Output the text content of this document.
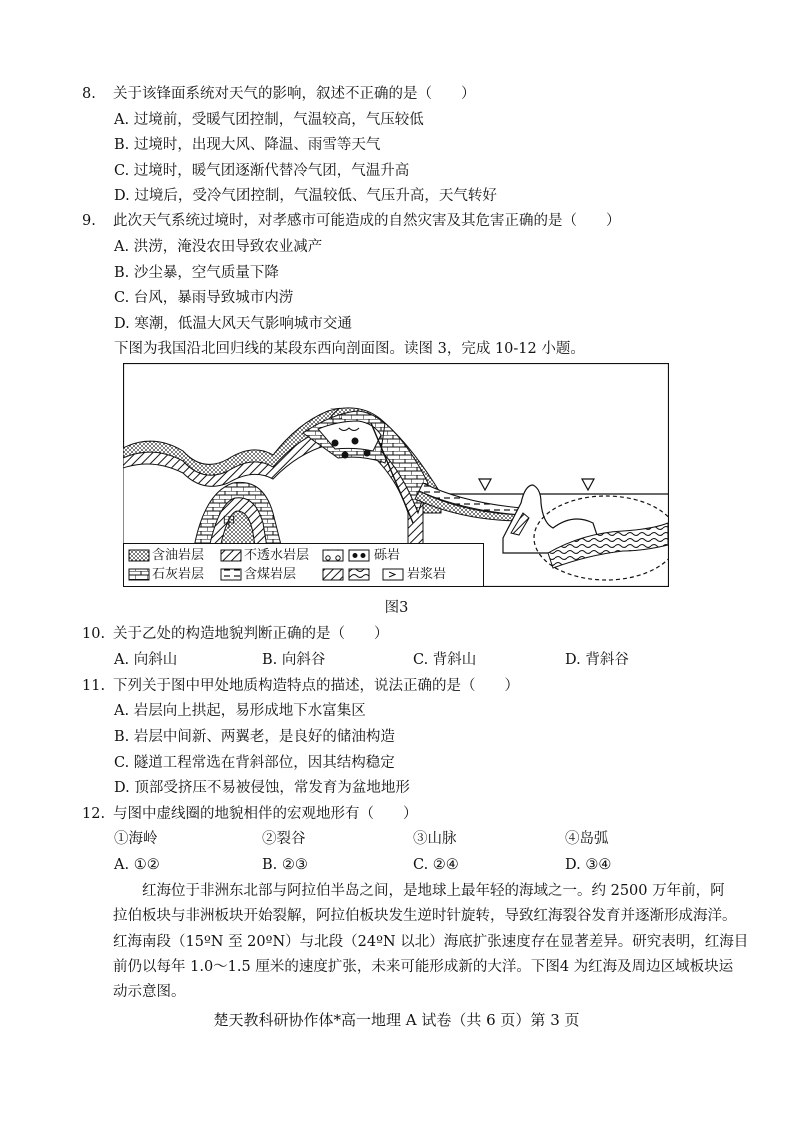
8. 关于该锋面系统对天气的影响，叙述不正确的是（　　）
A. 过境前，受暖气团控制，气温较高，气压较低
B. 过境时，出现大风、降温、雨雪等天气
C. 过境时，暖气团逐渐代替冷气团，气温升高
D. 过境后，受冷气团控制，气温较低、气压升高，天气转好
9. 此次天气系统过境时，对孝感市可能造成的自然灾害及其危害正确的是（　　）
A. 洪涝，淹没农田导致农业减产
B. 沙尘暴，空气质量下降
C. 台风，暴雨导致城市内涝
D. 寒潮，低温大风天气影响城市交通
下图为我国沿北回归线的某段东西向剖面图。读图 3，完成 10-12 小题。
乙
甲
含油岩层	不透水岩层	砾岩
石灰岩层	含煤岩层	岩浆岩
图3
10. 关于乙处的构造地貌判断正确的是（　　）
A. 向斜山	B. 向斜谷	C. 背斜山	D. 背斜谷
11. 下列关于图中甲处地质构造特点的描述，说法正确的是（　　）
A. 岩层向上拱起，易形成地下水富集区
B. 岩层中间新、两翼老，是良好的储油构造
C. 隧道工程常选在背斜部位，因其结构稳定
D. 顶部受挤压不易被侵蚀，常发育为盆地地形
12. 与图中虚线圈的地貌相伴的宏观地形有（　　）
①海岭	②裂谷	③山脉	④岛弧
A. ①②	B. ②③	C. ②④	D. ③④
红海位于非洲东北部与阿拉伯半岛之间，是地球上最年轻的海域之一。约 2500 万年前，阿
拉伯板块与非洲板块开始裂解，阿拉伯板块发生逆时针旋转，导致红海裂谷发育并逐渐形成海洋。
红海南段（15ºN 至 20ºN）与北段（24ºN 以北）海底扩张速度存在显著差异。研究表明，红海目
前仍以每年 1.0～1.5 厘米的速度扩张，未来可能形成新的大洋。下图4 为红海及周边区域板块运
动示意图。
楚天教科研协作体*高一地理 A 试卷（共 6 页）第 3 页
